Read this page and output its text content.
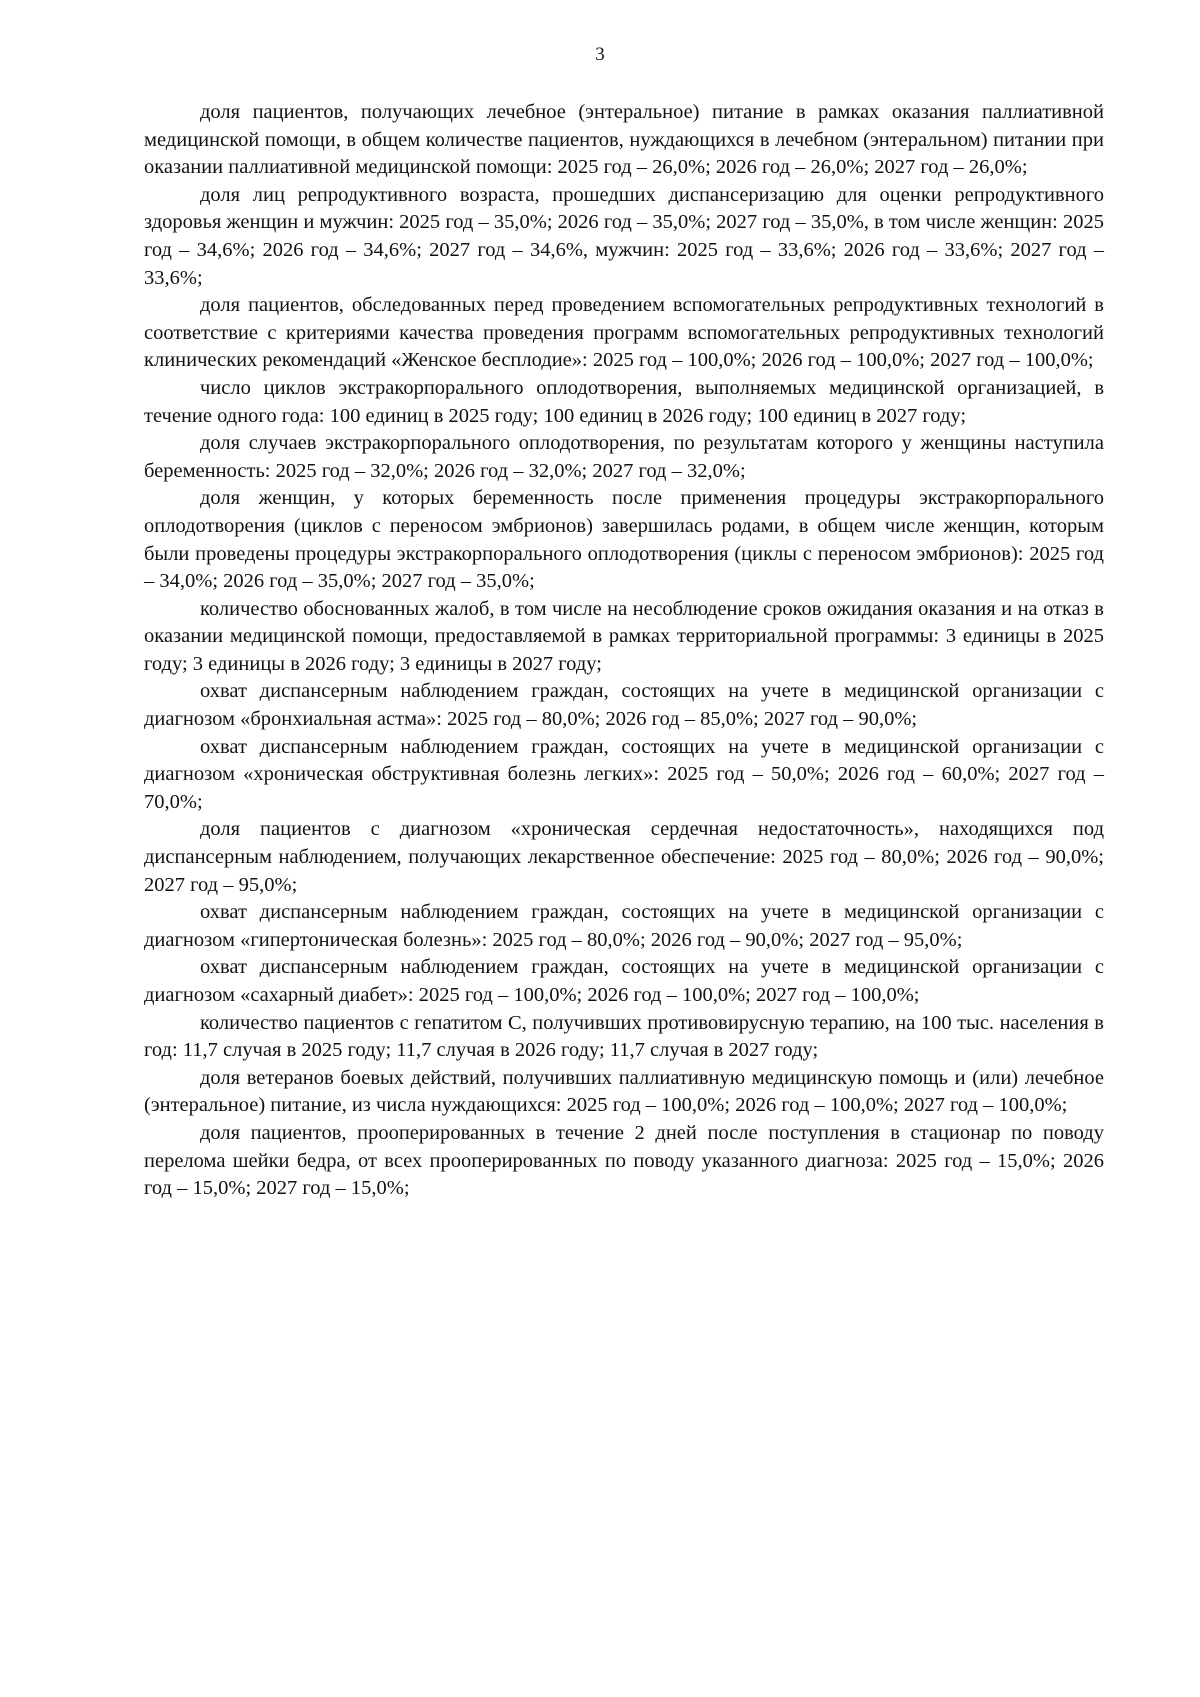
3

доля пациентов, получающих лечебное (энтеральное) питание в рамках оказания паллиативной медицинской помощи, в общем количестве пациентов, нуждающихся в лечебном (энтеральном) питании при оказании паллиативной медицинской помощи: 2025 год – 26,0%; 2026 год – 26,0%; 2027 год – 26,0%;

доля лиц репродуктивного возраста, прошедших диспансеризацию для оценки репродуктивного здоровья женщин и мужчин: 2025 год – 35,0%; 2026 год – 35,0%; 2027 год – 35,0%, в том числе женщин: 2025 год – 34,6%; 2026 год – 34,6%; 2027 год – 34,6%, мужчин: 2025 год – 33,6%; 2026 год – 33,6%; 2027 год – 33,6%;

доля пациентов, обследованных перед проведением вспомогательных репродуктивных технологий в соответствие с критериями качества проведения программ вспомогательных репродуктивных технологий клинических рекомендаций «Женское бесплодие»: 2025 год – 100,0%; 2026 год – 100,0%; 2027 год – 100,0%;

число циклов экстракорпорального оплодотворения, выполняемых медицинской организацией, в течение одного года: 100 единиц в 2025 году; 100 единиц в 2026 году; 100 единиц в 2027 году;

доля случаев экстракорпорального оплодотворения, по результатам которого у женщины наступила беременность: 2025 год – 32,0%; 2026 год – 32,0%; 2027 год – 32,0%;

доля женщин, у которых беременность после применения процедуры экстракорпорального оплодотворения (циклов с переносом эмбрионов) завершилась родами, в общем числе женщин, которым были проведены процедуры экстракорпорального оплодотворения (циклы с переносом эмбрионов): 2025 год – 34,0%; 2026 год – 35,0%; 2027 год – 35,0%;

количество обоснованных жалоб, в том числе на несоблюдение сроков ожидания оказания и на отказ в оказании медицинской помощи, предоставляемой в рамках территориальной программы: 3 единицы в 2025 году; 3 единицы в 2026 году; 3 единицы в 2027 году;

охват диспансерным наблюдением граждан, состоящих на учете в медицинской организации с диагнозом «бронхиальная астма»: 2025 год – 80,0%; 2026 год – 85,0%; 2027 год – 90,0%;

охват диспансерным наблюдением граждан, состоящих на учете в медицинской организации с диагнозом «хроническая обструктивная болезнь легких»: 2025 год – 50,0%; 2026 год – 60,0%; 2027 год – 70,0%;

доля пациентов с диагнозом «хроническая сердечная недостаточность», находящихся под диспансерным наблюдением, получающих лекарственное обеспечение: 2025 год – 80,0%; 2026 год – 90,0%; 2027 год – 95,0%;

охват диспансерным наблюдением граждан, состоящих на учете в медицинской организации с диагнозом «гипертоническая болезнь»: 2025 год – 80,0%; 2026 год – 90,0%; 2027 год – 95,0%;

охват диспансерным наблюдением граждан, состоящих на учете в медицинской организации с диагнозом «сахарный диабет»: 2025 год – 100,0%; 2026 год – 100,0%; 2027 год – 100,0%;

количество пациентов с гепатитом С, получивших противовирусную терапию, на 100 тыс. населения в год: 11,7 случая в 2025 году; 11,7 случая в 2026 году; 11,7 случая в 2027 году;

доля ветеранов боевых действий, получивших паллиативную медицинскую помощь и (или) лечебное (энтеральное) питание, из числа нуждающихся: 2025 год – 100,0%; 2026 год – 100,0%; 2027 год – 100,0%;

доля пациентов, прооперированных в течение 2 дней после поступления в стационар по поводу перелома шейки бедра, от всех прооперированных по поводу указанного диагноза: 2025 год – 15,0%; 2026 год – 15,0%; 2027 год – 15,0%;
